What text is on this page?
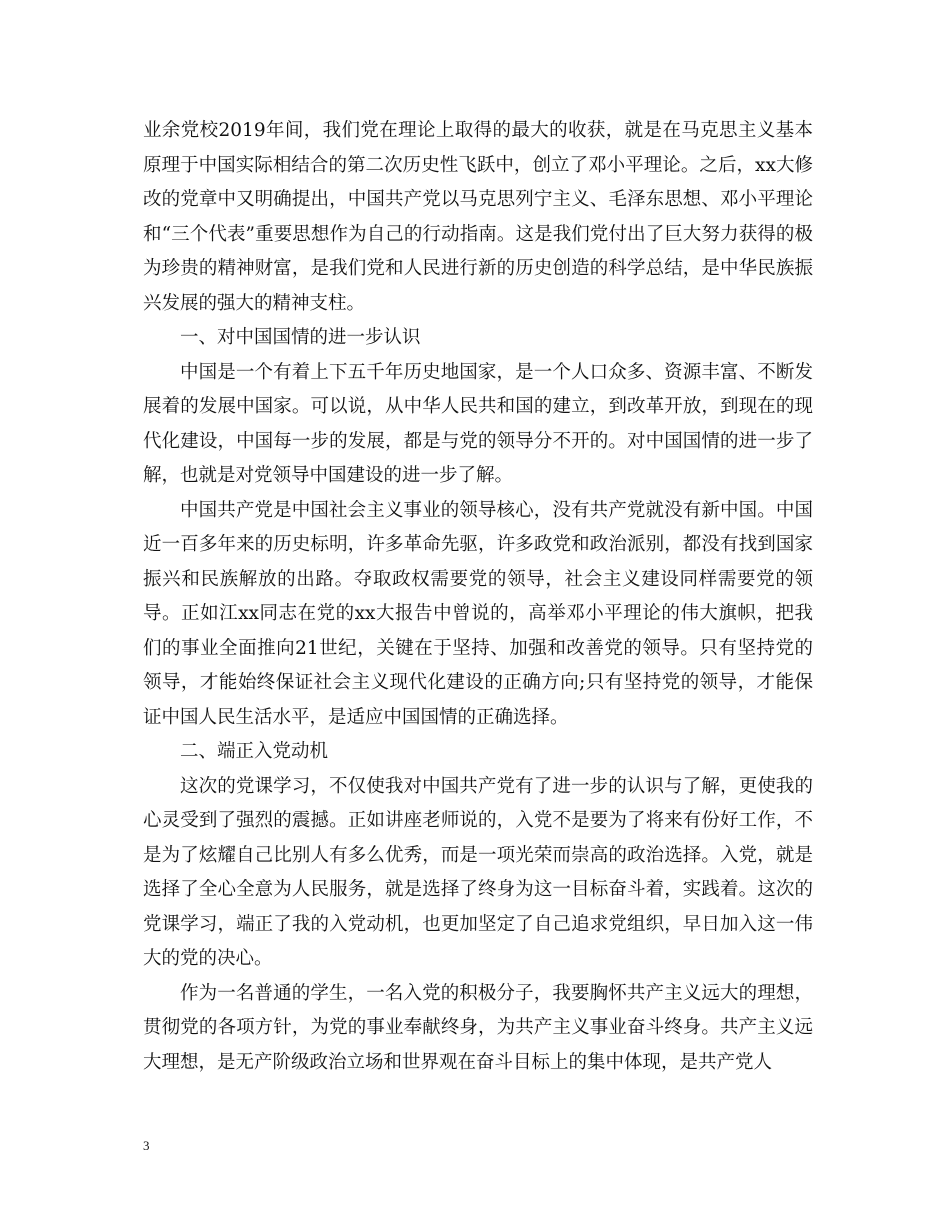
业余党校2019年间，我们党在理论上取得的最大的收获，就是在马克思主义基本原理于中国实际相结合的第二次历史性飞跃中，创立了邓小平理论。之后，xx大修改的党章中又明确提出，中国共产党以马克思列宁主义、毛泽东思想、邓小平理论和“三个代表”重要思想作为自己的行动指南。这是我们党付出了巨大努力获得的极为珍贵的精神财富，是我们党和人民进行新的历史创造的科学总结，是中华民族振兴发展的强大的精神支柱。

一、对中国国情的进一步认识

中国是一个有着上下五千年历史地国家，是一个人口众多、资源丰富、不断发展着的发展中国家。可以说，从中华人民共和国的建立，到改革开放，到现在的现代化建设，中国每一步的发展，都是与党的领导分不开的。对中国国情的进一步了解，也就是对党领导中国建设的进一步了解。

中国共产党是中国社会主义事业的领导核心，没有共产党就没有新中国。中国近一百多年来的历史标明，许多革命先驱，许多政党和政治派别，都没有找到国家振兴和民族解放的出路。夺取政权需要党的领导，社会主义建设同样需要党的领导。正如江xx同志在党的xx大报告中曾说的，高举邓小平理论的伟大旗帜，把我们的事业全面推向21世纪，关键在于坚持、加强和改善党的领导。只有坚持党的领导，才能始终保证社会主义现代化建设的正确方向;只有坚持党的领导，才能保证中国人民生活水平，是适应中国国情的正确选择。

二、端正入党动机

这次的党课学习，不仅使我对中国共产党有了进一步的认识与了解，更使我的心灵受到了强烈的震撼。正如讲座老师说的，入党不是要为了将来有份好工作，不是为了炫耀自己比别人有多么优秀，而是一项光荣而崇高的政治选择。入党，就是选择了全心全意为人民服务，就是选择了终身为这一目标奋斗着，实践着。这次的党课学习，端正了我的入党动机，也更加坚定了自己追求党组织，早日加入这一伟大的党的决心。

作为一名普通的学生，一名入党的积极分子，我要胸怀共产主义远大的理想，贯彻党的各项方针，为党的事业奉献终身，为共产主义事业奋斗终身。共产主义远大理想，是无产阶级政治立场和世界观在奋斗目标上的集中体现，是共产党人

3
